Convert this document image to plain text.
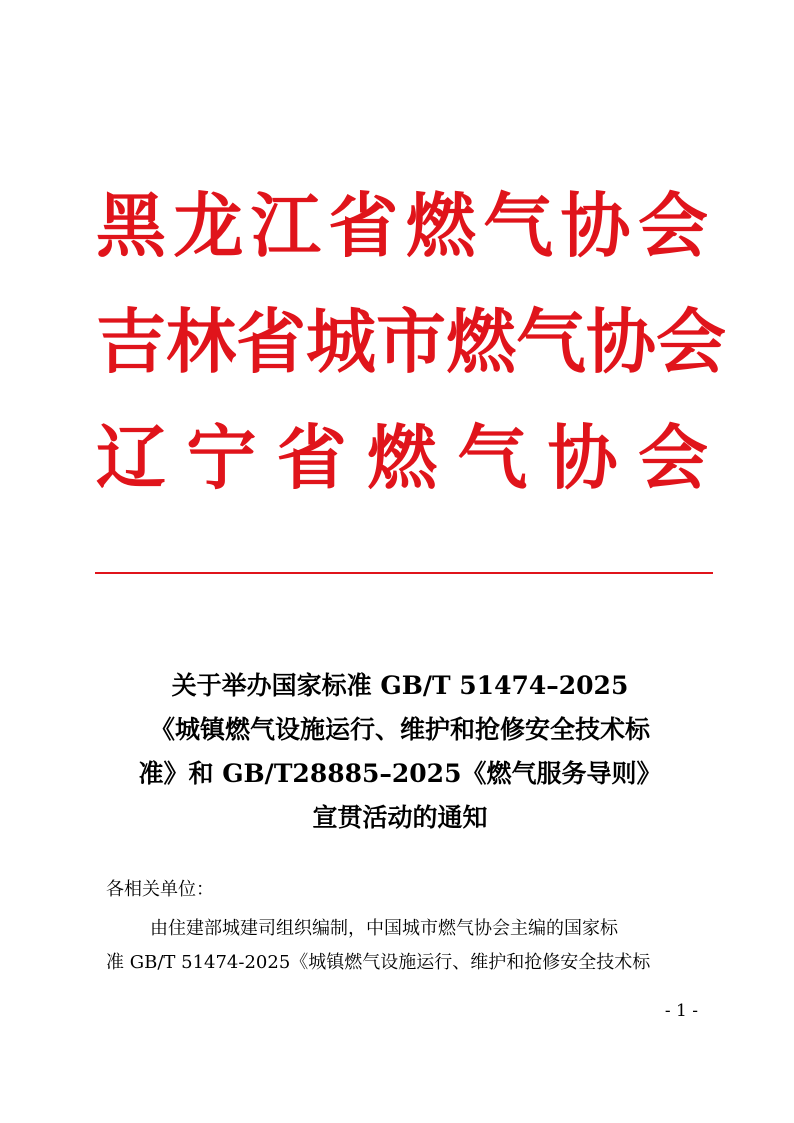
黑 龙 江 省 燃 气 协 会
吉 林 省 城 市 燃 气 协 会
辽 宁 省 燃 气 协 会
关于举办国家标准 GB/T 51474–2025
《城镇燃气设施运行、维护和抢修安全技术标
准》和 GB/T28885–2025《燃气服务导则》
宣贯活动的通知
各相关单位：
由住建部城建司组织编制，中国城市燃气协会主编的国家标
准 GB/T 51474-2025《城镇燃气设施运行、维护和抢修安全技术标
- 1 -
